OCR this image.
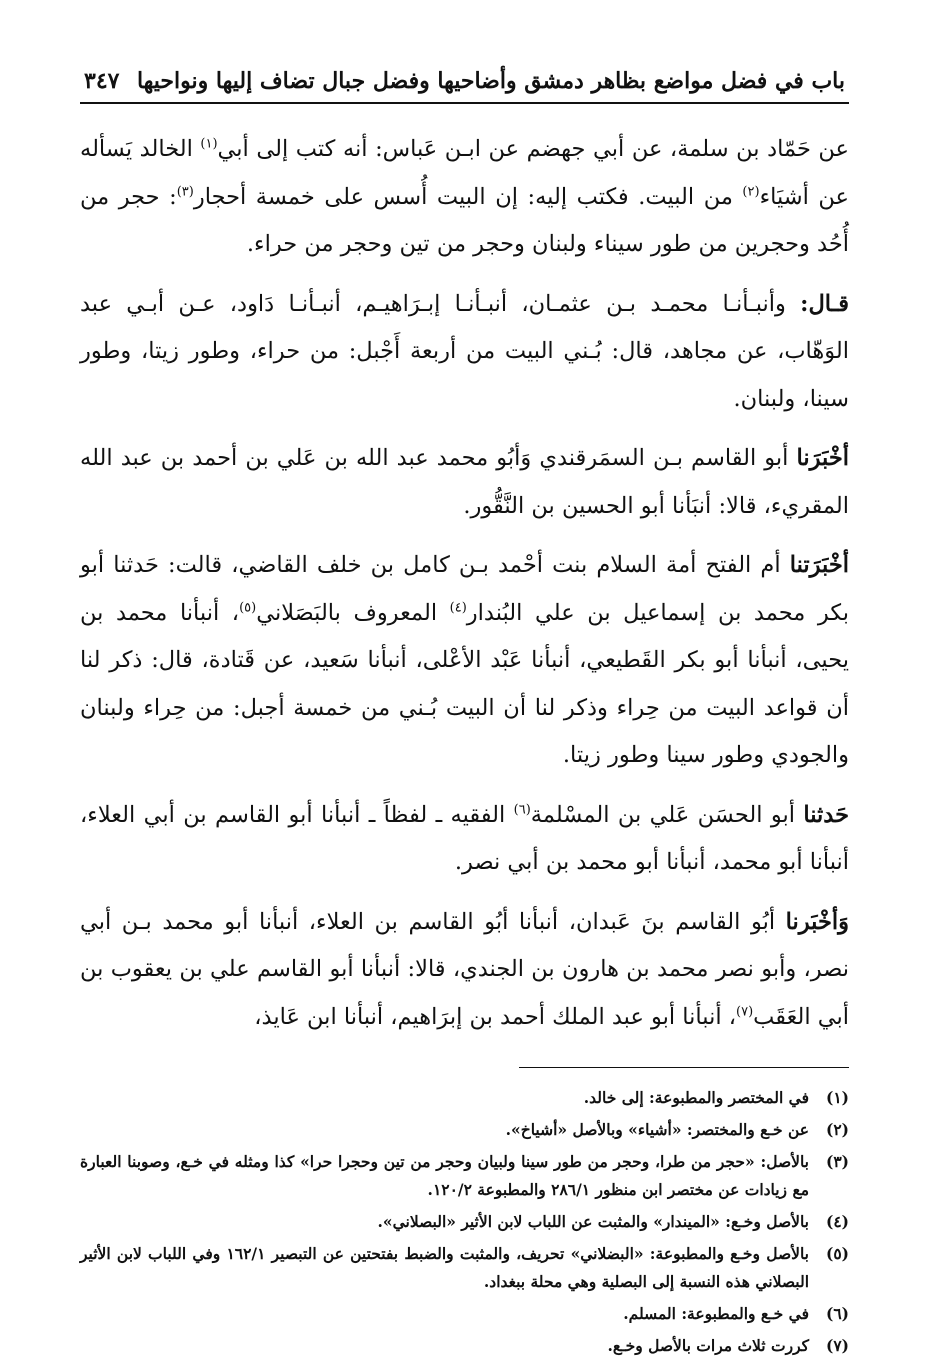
باب في فضل مواضع بظاهر دمشق وأضاحيها وفضل جبال تضاف إليها ونواحيها
٣٤٧

عن حَمّاد بن سلمة، عن أبي جهضم عن ابـن عَباس: أنه كتب إلى أبي$^{(١)}$ الخالد يَسأله عن أشيَاء$^{(٢)}$ من البيت. فكتب إليه: إن البيت أُسس على خمسة أحجار$^{(٣)}$: حجر من أُحُد وحجرين من طور سيناء ولبنان وحجر من تين وحجر من حراء.

قـال: وأنبـأنـا محمـد بـن عثمـان، أنبـأنـا إبـرَاهيـم، أنبـأنـا دَاود، عـن أبـي عبد الوَهّاب، عن مجاهد، قال: بُـني البيت من أربعة أَجْبل: من حراء، وطور زيتا، وطور سينا، ولبنان.

أخْبَرَنا أبو القاسم بـن السمَرقندي وَأبُو محمد عبد الله بن عَلي بن أحمد بن عبد الله المقريء، قالا: أنبَأنا أبو الحسين بن النَّقُّور.

أخْبَرَتنا أم الفتح أمة السلام بنت أحْمد بـن كامل بن خلف القاضي، قالت: حَدثنا أبو بكر محمد بن إسماعيل بن علي البُندار$^{(٤)}$ المعروف بالبَصَلاني$^{(٥)}$، أنبأنا محمد بن يحيى، أنبأنا أبو بكر القَطيعي، أنبأنا عَبْد الأعْلى، أنبأنا سَعيد، عن قَتادة، قال: ذكر لنا أن قواعد البيت من حِراء وذكر لنا أن البيت بُـني من خمسة أجبل: من حِراء ولبنان والجودي وطور سينا وطور زيتا.

حَدثنا أبو الحسَن عَلي بن المسْلمة$^{(٦)}$ الفقيه ـ لفظاً ـ أنبأنا أبو القاسم بن أبي العلاء، أنبأنا أبو محمد، أنبأنا أبو محمد بن أبي نصر.

وَأخْبَرنا أبُو القاسم بنَ عَبدان، أنبأنا أبُو القاسم بن العلاء، أنبأنا أبو محمد بـن أبي نصر، وأبو نصر محمد بن هارون بن الجندي، قالا: أنبأنا أبو القاسم علي بن يعقوب بن أبي العَقَب$^{(٧)}$، أنبأنا أبو عبد الملك أحمد بن إبرَاهيم، أنبأنا ابن عَايذ،

(١)
في المختصر والمطبوعة: إلى خالد.
(٢)
عن خـع والمختصر: «أشياء» وبالأصل «أشياخ».
(٣)
بالأصل: «حجر من طرا، وحجر من طور سينا ولبيان وحجر من تين وحجرا حرا» كذا ومثله في خـع، وصوبنا العبارة مع زيادات عن مختصر ابن منظور ٢٨٦/١ والمطبوعة ١٢٠/٢.
(٤)
بالأصل وخـع: «الميندار» والمثبت عن اللباب لابن الأثير «البصلاني».
(٥)
بالأصل وخـع والمطبوعة: «البضلاني» تحريف، والمثبت والضبط بفتحتين عن التبصير ١٦٢/١ وفي اللباب لابن الأثير البصلاني هذه النسبة إلى البصلية وهي محلة ببغداد.
(٦)
في خـع والمطبوعة: المسلم.
(٧)
كررت ثلاث مرات بالأصل وخـع.
